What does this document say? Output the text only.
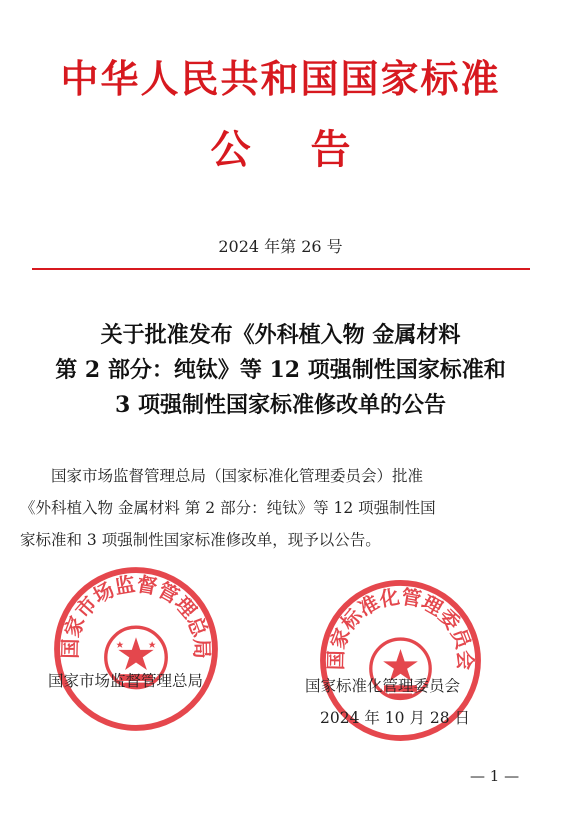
中华人民共和国国家标准
公告
2024 年第 26 号
关于批准发布《外科植入物 金属材料
第 2 部分：纯钛》等 12 项强制性国家标准和
3 项强制性国家标准修改单的公告
国家市场监督管理总局（国家标准化管理委员会）批准
《外科植入物 金属材料 第 2 部分：纯钛》等 12 项强制性国
家标准和 3 项强制性国家标准修改单，现予以公告。
国家市场监督管理总局
国家标准化管理委员会
国家市场监督管理总局	国家标准化管理委员会
2024 年 10 月 28 日
— 1 —
